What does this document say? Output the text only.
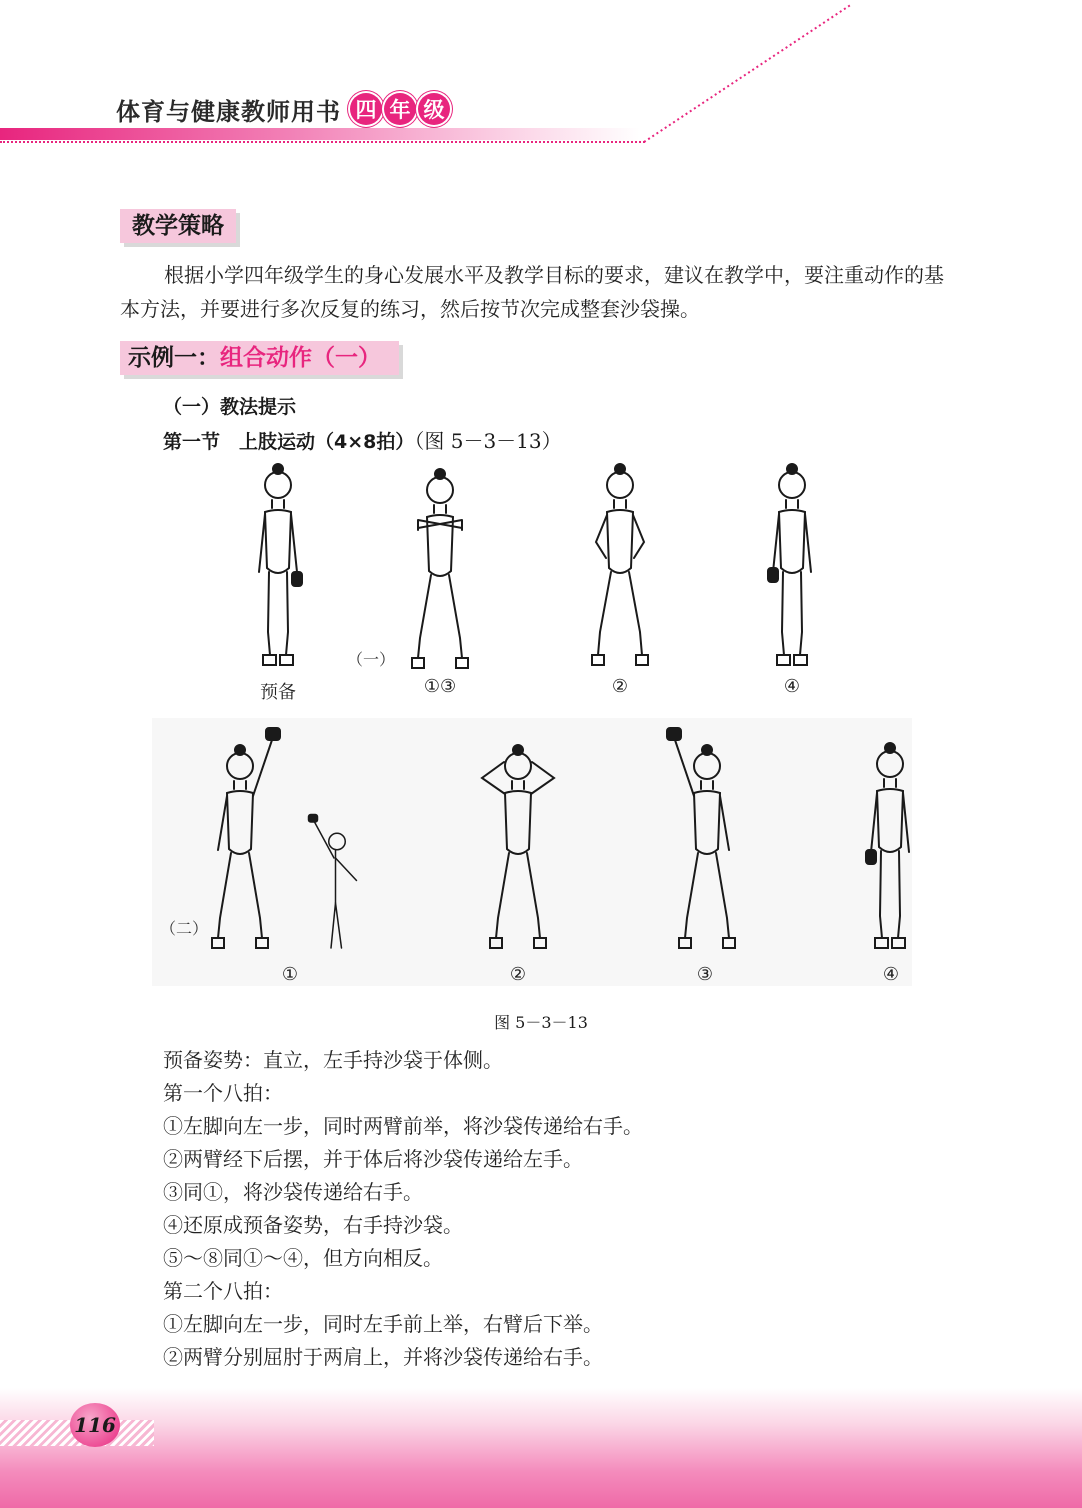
体育与健康教师用书 四 年 级
教学策略
根据小学四年级学生的身心发展水平及教学目标的要求，建议在教学中，要注重动作的基本方法，并要进行多次反复的练习，然后按节次完成整套沙袋操。
示例一：组合动作（一）
（一）教法提示
第一节　上肢运动（4×8拍）（图 5－3－13）
（一）
预备	①③	②	④
（二）
①	②	③	④
图 5－3－13
预备姿势：直立，左手持沙袋于体侧。
第一个八拍：
①左脚向左一步，同时两臂前举，将沙袋传递给右手。
②两臂经下后摆，并于体后将沙袋传递给左手。
③同①，将沙袋传递给右手。
④还原成预备姿势，右手持沙袋。
⑤～⑧同①～④，但方向相反。
第二个八拍：
①左脚向左一步，同时左手前上举，右臂后下举。
②两臂分别屈肘于两肩上，并将沙袋传递给右手。
116
